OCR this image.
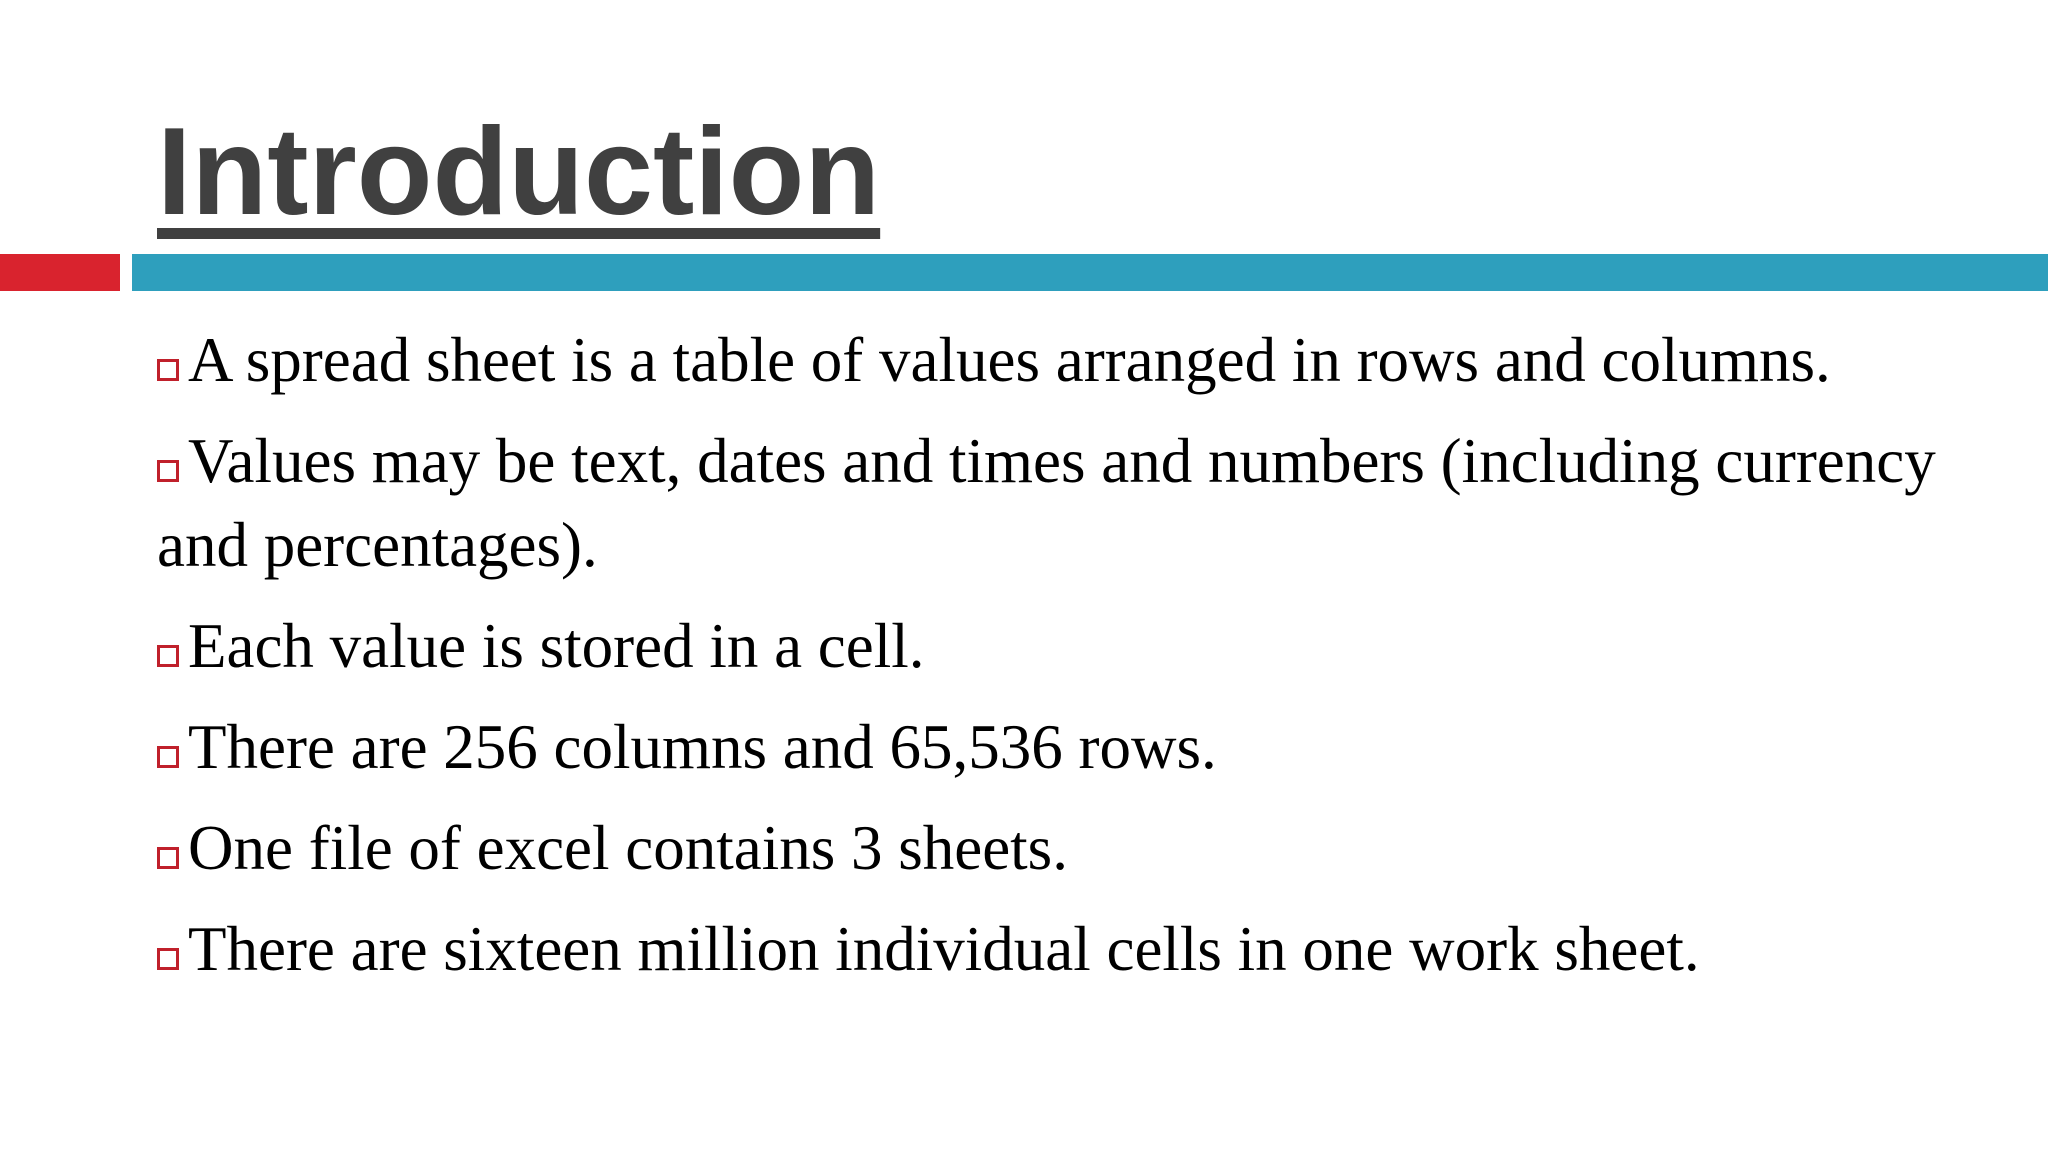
Introduction
A spread sheet is a table of values arranged in rows and columns.
Values may be text, dates and times and numbers (including currency and percentages).
Each value is stored in a cell.
There are 256 columns and 65,536 rows.
One file of excel contains 3 sheets.
There are sixteen million individual cells in one work sheet.
